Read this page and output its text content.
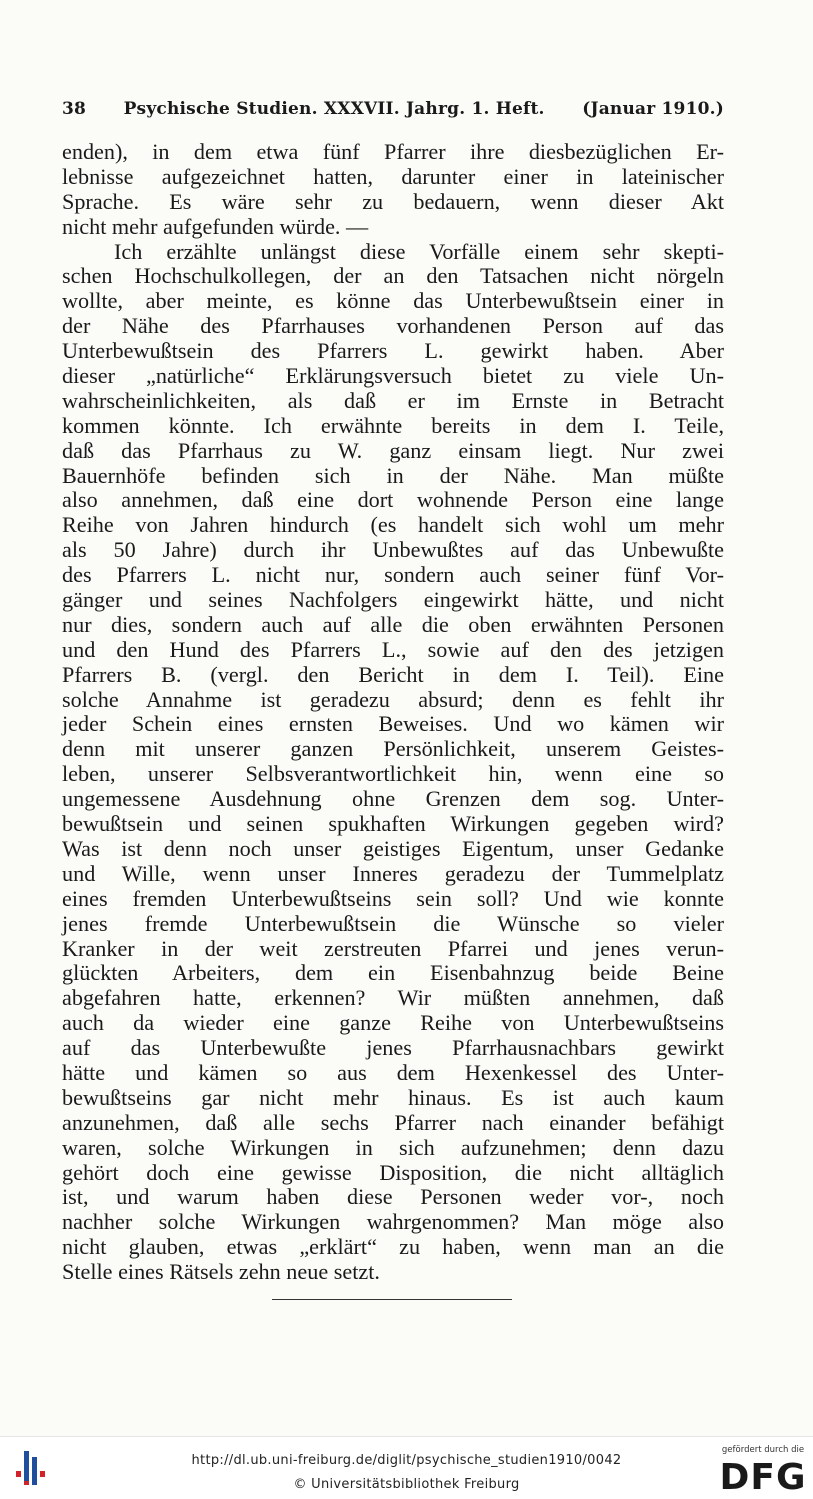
38	Psychische Studien. XXXVII. Jahrg. 1. Heft.	(Januar 1910.)
enden), in dem etwa fünf Pfarrer ihre diesbezüglichen Er-
lebnisse aufgezeichnet hatten, darunter einer in lateinischer
Sprache. Es wäre sehr zu bedauern, wenn dieser Akt
nicht mehr aufgefunden würde. —
Ich erzählte unlängst diese Vorfälle einem sehr skepti-
schen Hochschulkollegen, der an den Tatsachen nicht nörgeln
wollte, aber meinte, es könne das Unterbewußtsein einer in
der Nähe des Pfarrhauses vorhandenen Person auf das
Unterbewußtsein des Pfarrers L. gewirkt haben. Aber
dieser „natürliche“ Erklärungsversuch bietet zu viele Un-
wahrscheinlichkeiten, als daß er im Ernste in Betracht
kommen könnte. Ich erwähnte bereits in dem I. Teile,
daß das Pfarrhaus zu W. ganz einsam liegt. Nur zwei
Bauernhöfe befinden sich in der Nähe. Man müßte
also annehmen, daß eine dort wohnende Person eine lange
Reihe von Jahren hindurch (es handelt sich wohl um mehr
als 50 Jahre) durch ihr Unbewußtes auf das Unbewußte
des Pfarrers L. nicht nur, sondern auch seiner fünf Vor-
gänger und seines Nachfolgers eingewirkt hätte, und nicht
nur dies, sondern auch auf alle die oben erwähnten Personen
und den Hund des Pfarrers L., sowie auf den des jetzigen
Pfarrers B. (vergl. den Bericht in dem I. Teil). Eine
solche Annahme ist geradezu absurd; denn es fehlt ihr
jeder Schein eines ernsten Beweises. Und wo kämen wir
denn mit unserer ganzen Persönlichkeit, unserem Geistes-
leben, unserer Selbsverantwortlichkeit hin, wenn eine so
ungemessene Ausdehnung ohne Grenzen dem sog. Unter-
bewußtsein und seinen spukhaften Wirkungen gegeben wird?
Was ist denn noch unser geistiges Eigentum, unser Gedanke
und Wille, wenn unser Inneres geradezu der Tummelplatz
eines fremden Unterbewußtseins sein soll? Und wie konnte
jenes fremde Unterbewußtsein die Wünsche so vieler
Kranker in der weit zerstreuten Pfarrei und jenes verun-
glückten Arbeiters, dem ein Eisenbahnzug beide Beine
abgefahren hatte, erkennen? Wir müßten annehmen, daß
auch da wieder eine ganze Reihe von Unterbewußtseins
auf das Unterbewußte jenes Pfarrhausnachbars gewirkt
hätte und kämen so aus dem Hexenkessel des Unter-
bewußtseins gar nicht mehr hinaus. Es ist auch kaum
anzunehmen, daß alle sechs Pfarrer nach einander befähigt
waren, solche Wirkungen in sich aufzunehmen; denn dazu
gehört doch eine gewisse Disposition, die nicht alltäglich
ist, und warum haben diese Personen weder vor-, noch
nachher solche Wirkungen wahrgenommen? Man möge also
nicht glauben, etwas „erklärt“ zu haben, wenn man an die
Stelle eines Rätsels zehn neue setzt.
http://dl.ub.uni-freiburg.de/diglit/psychische_studien1910/0042
© Universitätsbibliothek Freiburg
gefördert durch die
DFG
